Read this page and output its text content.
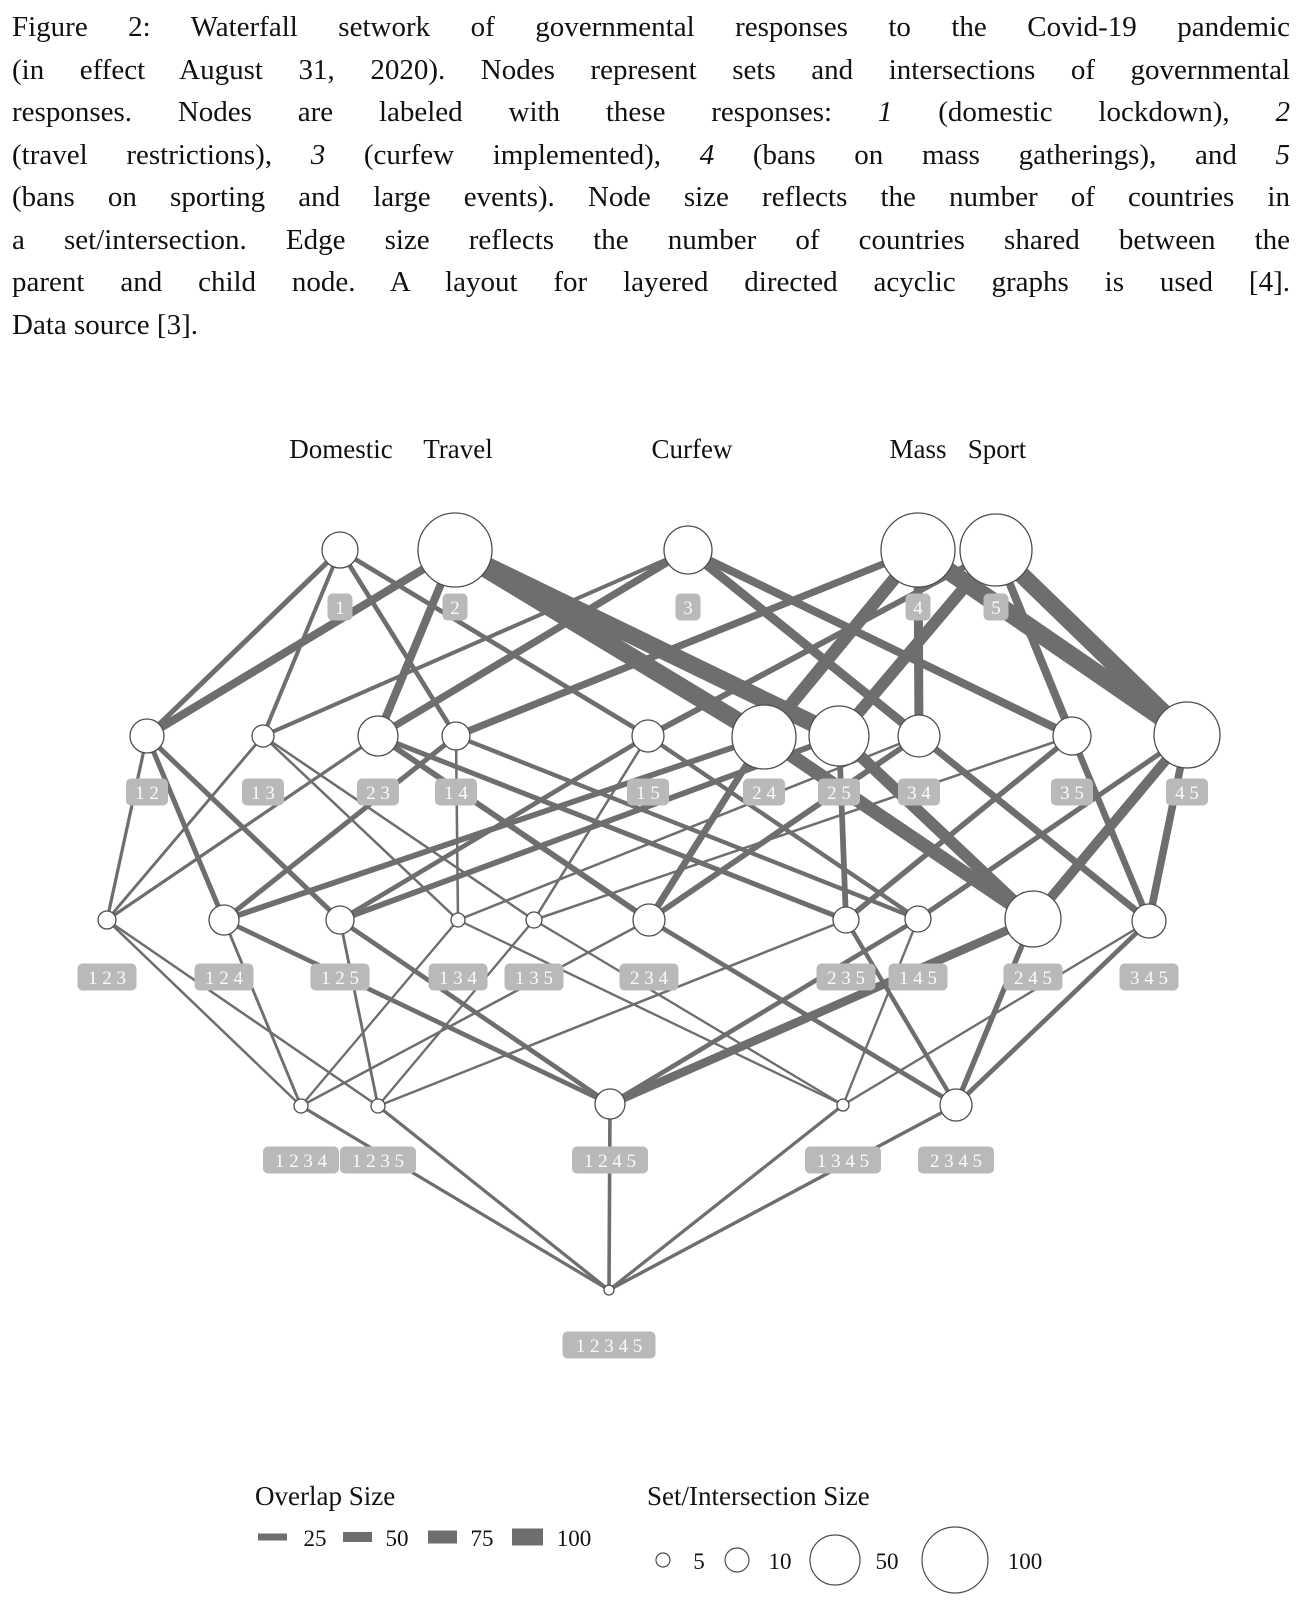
Figure 2: Waterfall setwork of governmental responses to the Covid-19 pandemic
(in effect August 31, 2020). Nodes represent sets and intersections of governmental
responses. Nodes are labeled with these responses: 1 (domestic lockdown), 2
(travel restrictions), 3 (curfew implemented), 4 (bans on mass gatherings), and 5
(bans on sporting and large events). Node size reflects the number of countries in
a set/intersection. Edge size reflects the number of countries shared between the
parent and child node. A layout for layered directed acyclic graphs is used [4].
Data source [3].
Domestic Travel	Curfew	Mass Sport
1	2	3	4	5
1 2	1 3	2 3	1 4	1 5	2 4	2 5	3 4	3 5	4 5
1 2 3	1 2 4	1 2 5	1 3 4 1 3 5	2 3 4	2 3 5 1 4 5	2 4 5	3 4 5
1 2 3 4 1 2 3 5	1 2 4 5	1 3 4 5	2 3 4 5
1 2 3 4 5
Overlap Size
25	50	75	100
Set/Intersection Size
5	10	50	100
